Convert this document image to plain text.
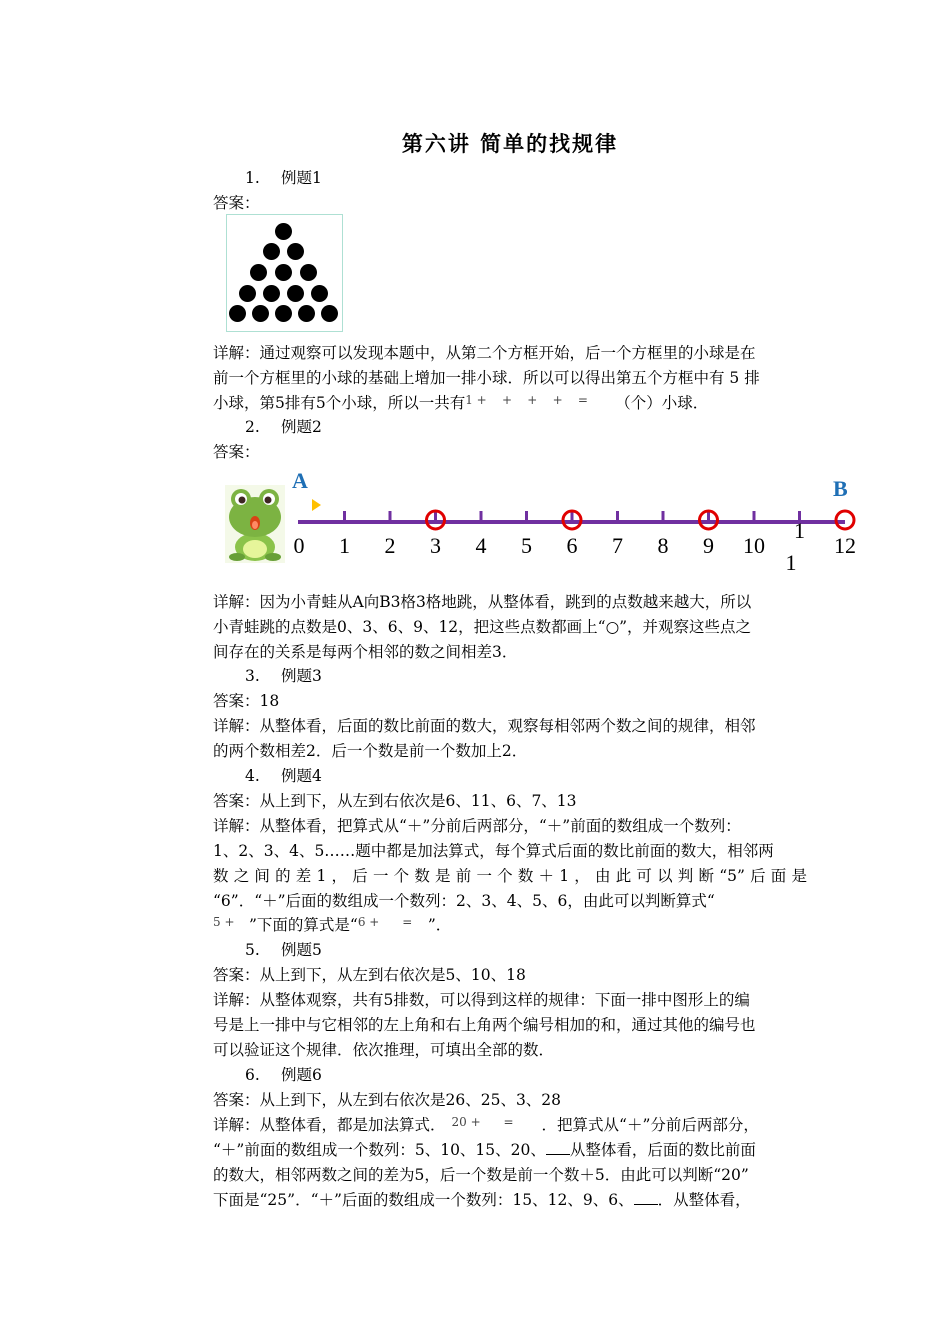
第六讲 简单的找规律
1. 例题1
答案：
详解：通过观察可以发现本题中，从第二个方框开始，后一个方框里的小球是在
前一个方框里的小球的基础上增加一排小球．所以可以得出第五个方框中有 5 排
小球，第5排有5个小球，所以一共有1 +    +    +    +    = （个）小球．
2. 例题2
答案：
A	B
0 1 2 3 4 5 6 7 8 9 10
1
12
1
详解：因为小青蛙从A向B3格3格地跳，从整体看，跳到的点数越来越大，所以
小青蛙跳的点数是0、3、6、9、12，把这些点数都画上“○”，并观察这些点之
间存在的关系是每两个相邻的数之间相差3．
3. 例题3
答案：18
详解：从整体看，后面的数比前面的数大，观察每相邻两个数之间的规律，相邻
的两个数相差2．后一个数是前一个数加上2．
4. 例题4
答案：从上到下，从左到右依次是6、11、6、7、13
详解：从整体看，把算式从“＋”分前后两部分，“＋”前面的数组成一个数列：
1、2、3、4、5……题中都是加法算式，每个算式后面的数比前面的数大，相邻两
数之间的差1，后一个数是前一个数＋1，由此可以判断“5”后面是
“6”．“＋”后面的数组成一个数列：2、3、4、5、6，由此可以判断算式“
5 + ”下面的算式是“6 +      = ”．
5. 例题5
答案：从上到下，从左到右依次是5、10、18
详解：从整体观察，共有5排数，可以得到这样的规律：下面一排中图形上的编
号是上一排中与它相邻的左上角和右上角两个编号相加的和，通过其他的编号也
可以验证这个规律．依次推理，可填出全部的数．
6. 例题6
答案：从上到下，从左到右依次是26、25、3、28
详解：从整体看，都是加法算式． 20 +      = ．把算式从“＋”分前后两部分，
“＋”前面的数组成一个数列：5、10、15、20、 从整体看，后面的数比前面
的数大，相邻两数之间的差为5，后一个数是前一个数＋5．由此可以判断“20”
下面是“25”．“＋”后面的数组成一个数列：15、12、9、6、 ．从整体看，
